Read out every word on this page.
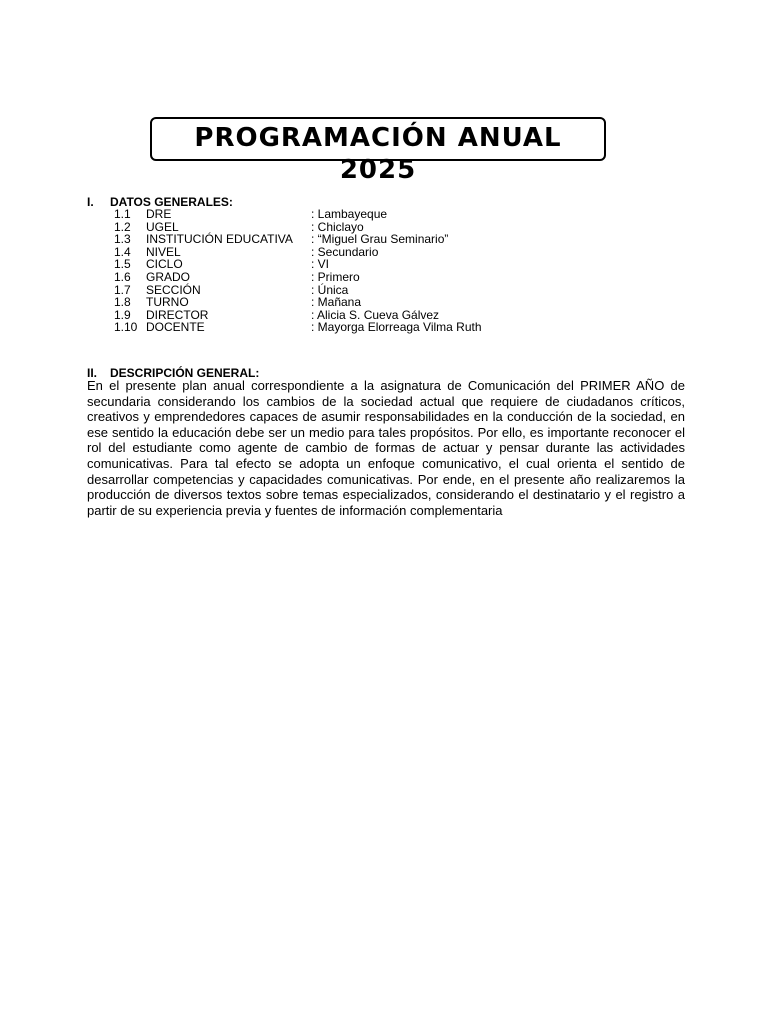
PROGRAMACIÓN ANUAL 2025
I. DATOS GENERALES:
1.1 DRE	: Lambayeque
1.2 UGEL	: Chiclayo
1.3 INSTITUCIÓN EDUCATIVA : “Miguel Grau Seminario”
1.4 NIVEL	: Secundario
1.5 CICLO	: VI
1.6 GRADO	: Primero
1.7 SECCIÓN	: Única
1.8 TURNO	: Mañana
1.9 DIRECTOR	: Alicia S. Cueva Gálvez
1.10 DOCENTE	: Mayorga Elorreaga Vilma Ruth
II. DESCRIPCIÓN GENERAL:

En el presente plan anual correspondiente a la asignatura de Comunicación del PRIMER AÑO de secundaria considerando los cambios de la sociedad actual que requiere de ciudadanos críticos, creativos y emprendedores capaces de asumir responsabilidades en la conducción de la sociedad, en ese sentido la educación debe ser un medio para tales propósitos. Por ello, es importante reconocer el rol del estudiante como agente de cambio de formas de actuar y pensar durante las actividades comunicativas. Para tal efecto se adopta un enfoque comunicativo, el cual orienta el sentido de desarrollar competencias y capacidades comunicativas. Por ende, en el presente año realizaremos la producción de diversos textos sobre temas especializados, considerando el destinatario y el registro a partir de su experiencia previa y fuentes de información complementaria
